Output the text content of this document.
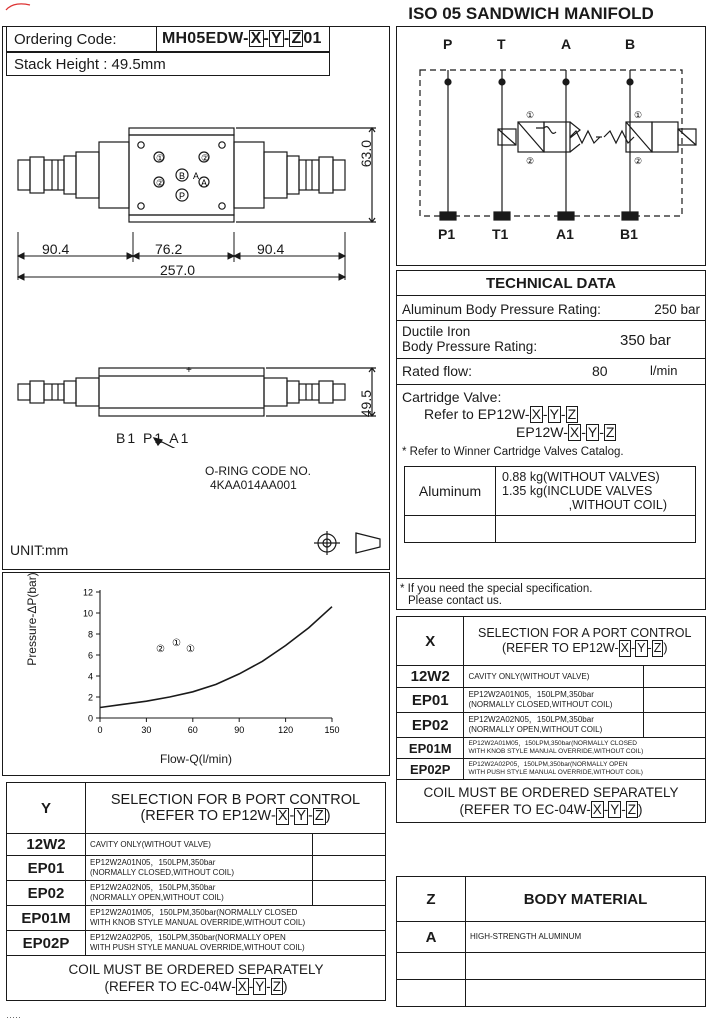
ISO 05 SANDWICH MANIFOLD
Ordering Code:	MH05EDW- X - Y - Z 01
Stack Height : 49.5mm
①	②
②
B
P
A
A
63.0
90.4	76.2	90.4
257.0
+
49.5
B1 P1 A1
O-RING CODE NO.
4KAA014AA001
UNIT:mm
Pressure-ΔP(bar)
Flow-Q(l/min)
0
2
4
6
8
10
12
0	30	60	90	120	150
②
①
①
Y	SELECTION FOR B PORT CONTROL
(REFER TO EP12W- X - Y - Z )	

12W2	CAVITY ONLY(WITHOUT VALVE)	

EP01	EP12W2A01N05，150LPM,350bar
(NORMALLY CLOSED,WITHOUT COIL)	

EP02	EP12W2A02N05，150LPM,350bar
(NORMALLY OPEN,WITHOUT COIL)	

EP01M	EP12W2A01M05，150LPM,350bar(NORMALLY CLOSED
WITH KNOB STYLE MANUAL OVERRIDE,WITHOUT COIL)	

EP02P	EP12W2A02P05，150LPM,350bar(NORMALLY OPEN
WITH PUSH STYLE MANUAL OVERRIDE,WITHOUT COIL)	

COIL MUST BE ORDERED SEPARATELY
(REFER TO EC-04W- X - Y - Z )		
①
②
①
②
P	T	A	B
P1	T1	A1	B1
TECHNICAL DATA
Aluminum Body Pressure Rating:	250 bar
Ductile Iron
Body Pressure Rating:	350 bar
Rated flow:	80	l/min
Cartridge Valve:
Refer to EP12W- X - Y - Z
EP12W- X - Y - Z
* Refer to Winner Cartridge Valves Catalog.
Aluminum	0.88 kg(WITHOUT VALVES)
1.35 kg(INCLUDE VALVES
,WITHOUT COIL)

* If you need the special specification.
Please contact us.
X	SELECTION FOR A PORT CONTROL
(REFER TO EP12W- X - Y - Z )	

12W2	CAVITY ONLY(WITHOUT VALVE)	

EP01	EP12W2A01N05，150LPM,350bar
(NORMALLY CLOSED,WITHOUT COIL)	

EP02	EP12W2A02N05，150LPM,350bar
(NORMALLY OPEN,WITHOUT COIL)	

EP01M	EP12W2A01M05，150LPM,350bar(NORMALLY CLOSED
WITH KNOB STYLE MANUAL OVERRIDE,WITHOUT COIL)	

EP02P	EP12W2A02P05，150LPM,350bar(NORMALLY OPEN
WITH PUSH STYLE MANUAL OVERRIDE,WITHOUT COIL)	

COIL MUST BE ORDERED SEPARATELY
(REFER TO EC-04W- X - Y - Z )		
Z	BODY MATERIAL
A	HIGH-STRENGTH ALUMINUM

·····
